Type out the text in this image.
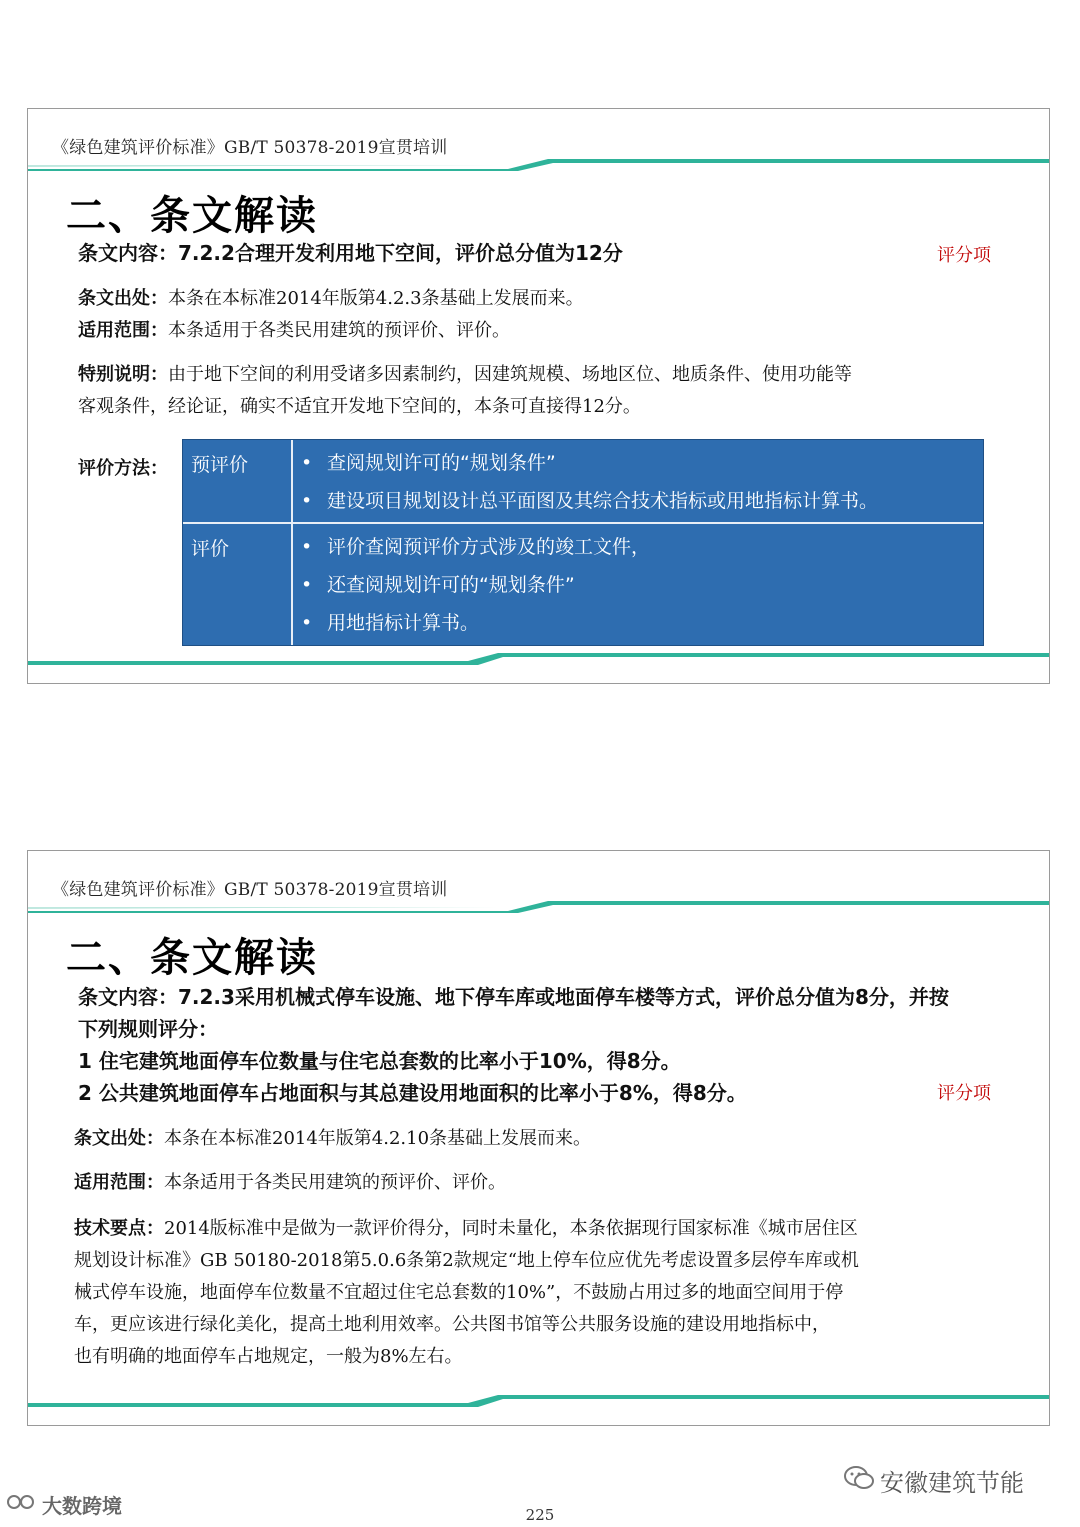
《绿色建筑评价标准》GB/T 50378-2019宣贯培训
二、条文解读
条文内容：7.2.2合理开发利用地下空间，评价总分值为12分	评分项
条文出处：本条在本标准2014年版第4.2.3条基础上发展而来。
适用范围：本条适用于各类民用建筑的预评价、评价。
特别说明：由于地下空间的利用受诸多因素制约，因建筑规模、场地区位、地质条件、使用功能等
客观条件，经论证，确实不适宜开发地下空间的，本条可直接得12分。
评价方法：	预评价	• 查阅规划许可的“规划条件”
• 建设项目规划设计总平面图及其综合技术指标或用地指标计算书。
评价	• 评价查阅预评价方式涉及的竣工文件，
• 还查阅规划许可的“规划条件”
• 用地指标计算书。
《绿色建筑评价标准》GB/T 50378-2019宣贯培训
二、条文解读
条文内容：7.2.3采用机械式停车设施、地下停车库或地面停车楼等方式，评价总分值为8分，并按
下列规则评分：
1 住宅建筑地面停车位数量与住宅总套数的比率小于10%，得8分。
2 公共建筑地面停车占地面积与其总建设用地面积的比率小于8%，得8分。	评分项
条文出处：本条在本标准2014年版第4.2.10条基础上发展而来。
适用范围：本条适用于各类民用建筑的预评价、评价。
技术要点：2014版标准中是做为一款评价得分，同时未量化，本条依据现行国家标准《城市居住区
规划设计标准》GB 50180-2018第5.0.6条第2款规定“地上停车位应优先考虑设置多层停车库或机
械式停车设施，地面停车位数量不宜超过住宅总套数的10%”，不鼓励占用过多的地面空间用于停
车，更应该进行绿化美化，提高土地利用效率。公共图书馆等公共服务设施的建设用地指标中，
也有明确的地面停车占地规定，一般为8%左右。
安徽建筑节能
大数跨境	225
